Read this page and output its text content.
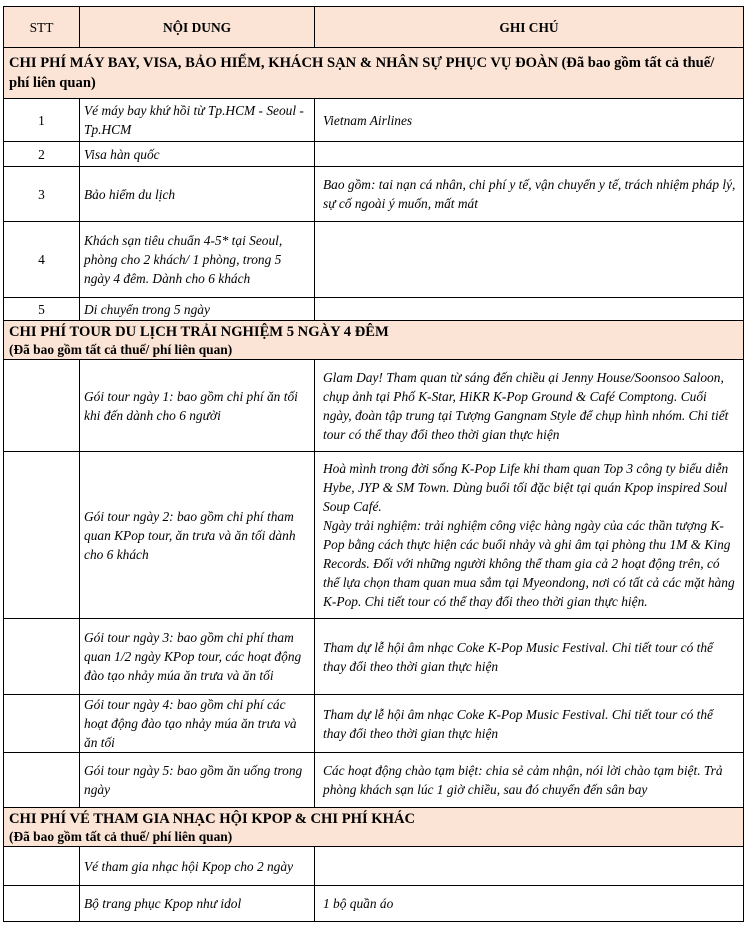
STT	NỘI DUNG	GHI CHÚ
CHI PHÍ MÁY BAY, VISA, BẢO HIỂM, KHÁCH SẠN & NHÂN SỰ PHỤC VỤ ĐOÀN (Đã bao gồm tất cả thuế/ phí liên quan)		
1	Vé máy bay khứ hồi từ Tp.HCM - Seoul - Tp.HCM	Vietnam Airlines
2	Visa hàn quốc	
3	Bảo hiểm du lịch	Bao gồm: tai nạn cá nhân, chi phí y tế, vận chuyển y tế, trách nhiệm pháp lý, sự cố ngoài ý muốn, mất mát
4	Khách sạn tiêu chuẩn 4-5* tại Seoul, phòng cho 2 khách/ 1 phòng, trong 5 ngày 4 đêm. Dành cho 6 khách	
5	Di chuyển trong 5 ngày	

CHI PHÍ TOUR DU LỊCH TRẢI NGHIỆM 5 NGÀY 4 ĐÊM
(Đã bao gồm tất cả thuế/ phí liên quan)		

	Gói tour ngày 1: bao gồm chi phí ăn tối khi đến dành cho 6 người	Glam Day! Tham quan từ sáng đến chiều ại Jenny House/Soonsoo Saloon, chụp ảnh tại Phố K-Star, HiKR K-Pop Ground & Café Comptong. Cuối ngày, đoàn tập trung tại Tượng Gangnam Style để chụp hình nhóm. Chi tiết tour có thể thay đổi theo thời gian thực hiện
	Gói tour ngày 2: bao gồm chi phí tham quan KPop tour, ăn trưa và ăn tối dành cho 6 khách	Hoà mình trong đời sống K-Pop Life khi tham quan Top 3 công ty biểu diễn Hybe, JYP & SM Town. Dùng buổi tối đặc biệt tại quán Kpop inspired Soul Soup Café.
Ngày trải nghiệm: trải nghiệm công việc hàng ngày của các thần tượng K-Pop bằng cách thực hiện các buổi nhảy và ghi âm tại phòng thu 1M & King Records. Đối với những người không thể tham gia cả 2 hoạt động trên, có thể lựa chọn tham quan mua sắm tại Myeondong, nơi có tất cả các mặt hàng K-Pop. Chi tiết tour có thể thay đổi theo thời gian thực hiện.
	Gói tour ngày 3: bao gồm chi phí tham quan 1/2 ngày KPop tour, các hoạt động đào tạo nhảy múa ăn trưa và ăn tối	Tham dự lễ hội âm nhạc Coke K-Pop Music Festival. Chi tiết tour có thể thay đổi theo thời gian thực hiện
	Gói tour ngày 4: bao gồm chi phí các hoạt động đào tạo nhảy múa ăn trưa và ăn tối	Tham dự lễ hội âm nhạc Coke K-Pop Music Festival. Chi tiết tour có thể thay đổi theo thời gian thực hiện
	Gói tour ngày 5: bao gồm ăn uống trong ngày	Các hoạt động chào tạm biệt: chia sẻ cảm nhận, nói lời chào tạm biệt. Trả phòng khách sạn lúc 1 giờ chiều, sau đó chuyển đến sân bay

CHI PHÍ VÉ THAM GIA NHẠC HỘI KPOP & CHI PHÍ KHÁC
(Đã bao gồm tất cả thuế/ phí liên quan)		

	Vé tham gia nhạc hội Kpop cho 2 ngày	
	Bộ trang phục Kpop như idol	1 bộ quần áo
